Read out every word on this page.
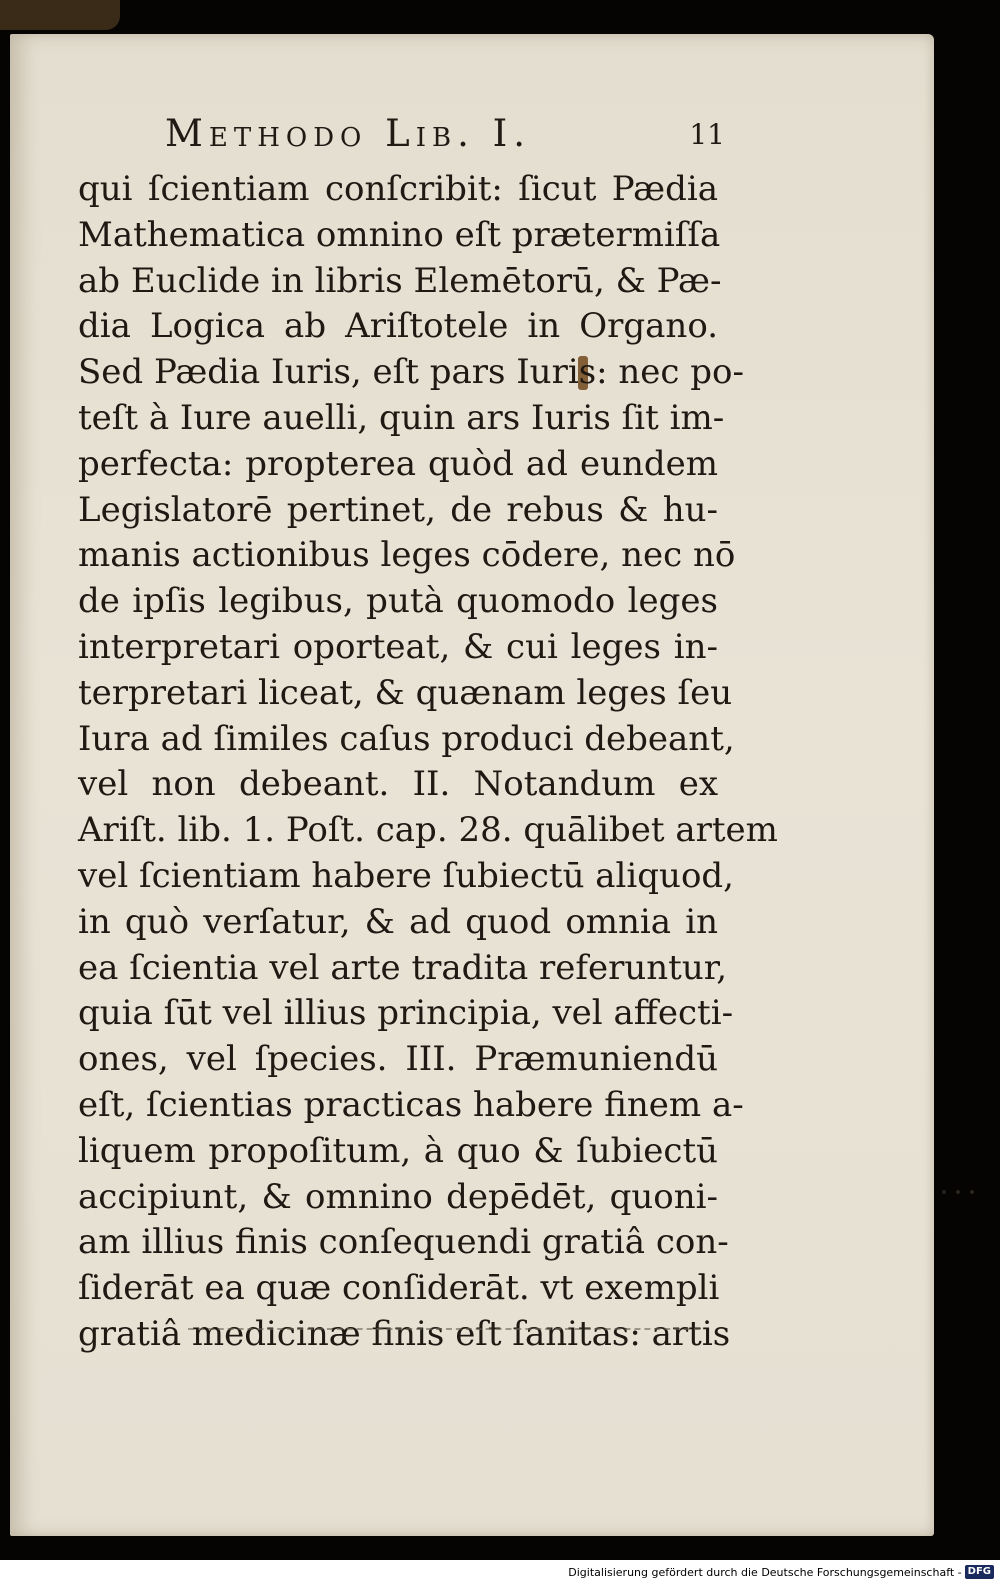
Methodo Lib. I.	11
qui ſcientiam conſcribit: ſicut Pædia
Mathematica omnino eſt prætermiſſa
ab Euclide in libris Elemētorū, & Pæ-
dia Logica ab Ariſtotele in Organo.
Sed Pædia Iuris, eſt pars Iuris: nec po-
teſt à Iure auelli, quin ars Iuris ſit im-
perfecta: propterea quòd ad eundem
Legislatorē pertinet, de rebus & hu-
manis actionibus leges cōdere, nec nō
de ipſis legibus, putà quomodo leges
interpretari oporteat, & cui leges in-
terpretari liceat, & quænam leges ſeu
Iura ad ſimiles caſus produci debeant,
vel non debeant. II. Notandum ex
Ariſt. lib. 1. Poſt. cap. 28. quālibet artem
vel ſcientiam habere ſubiectū aliquod,
in quò verſatur, & ad quod omnia in
ea ſcientia vel arte tradita referuntur,
quia ſūt vel illius principia, vel affecti-
ones, vel ſpecies. III. Præmuniendū
eſt, ſcientias practicas habere finem a-
liquem propoſitum, à quo & ſubiectū
accipiunt, & omnino depēdēt, quoni-
am illius finis conſequendi gratiâ con-
ſiderāt ea quæ conſiderāt. vt exempli
gratiâ medicinæ finis eſt ſanitas: artis
Digitalisierung gefördert durch die Deutsche Forschungsgemeinschaft - DFG
